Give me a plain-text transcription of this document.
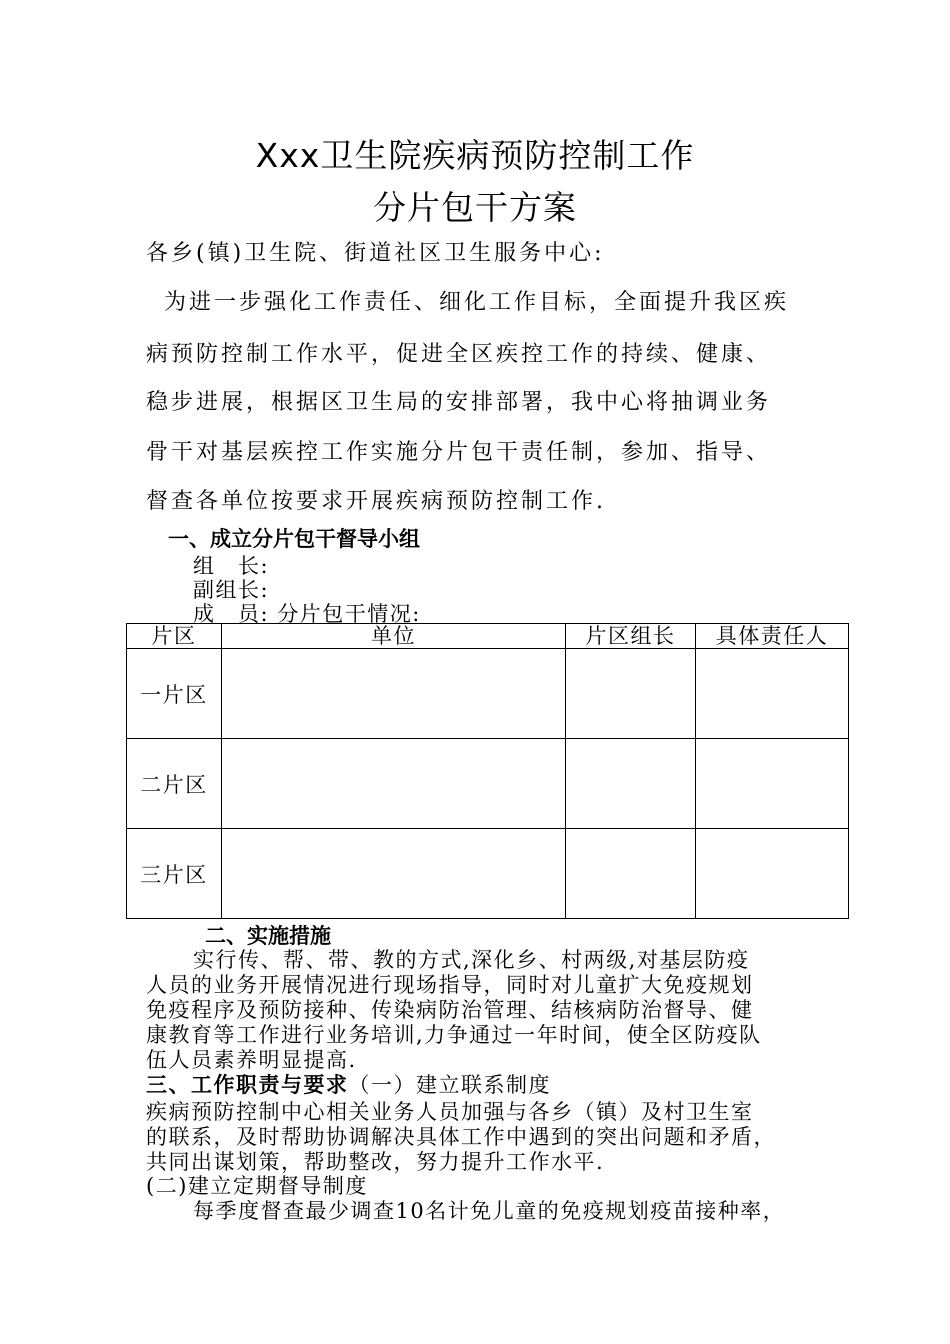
Xxx卫生院疾病预防控制工作
分片包干方案
各乡(镇)卫生院、街道社区卫生服务中心:
为进一步强化工作责任、细化工作目标，全面提升我区疾
病预防控制工作水平，促进全区疾控工作的持续、健康、
稳步进展，根据区卫生局的安排部署，我中心将抽调业务
骨干对基层疾控工作实施分片包干责任制，参加、指导、
督查各单位按要求开展疾病预防控制工作.
一、成立分片包干督导小组
组　长:
副组长:
成　员: 分片包干情况:
片区	单位	片区组长	具体责任人
一片区			
二片区			
三片区			
二、实施措施
实行传、帮、带、教的方式,深化乡、村两级,对基层防疫
人员的业务开展情况进行现场指导，同时对儿童扩大免疫规划
免疫程序及预防接种、传染病防治管理、结核病防治督导、健
康教育等工作进行业务培训,力争通过一年时间，使全区防疫队
伍人员素养明显提高.
三、工作职责与要求（一）建立联系制度
疾病预防控制中心相关业务人员加强与各乡（镇）及村卫生室
的联系，及时帮助协调解决具体工作中遇到的突出问题和矛盾，
共同出谋划策，帮助整改，努力提升工作水平.
(二)建立定期督导制度
每季度督查最少调查10名计免儿童的免疫规划疫苗接种率，
